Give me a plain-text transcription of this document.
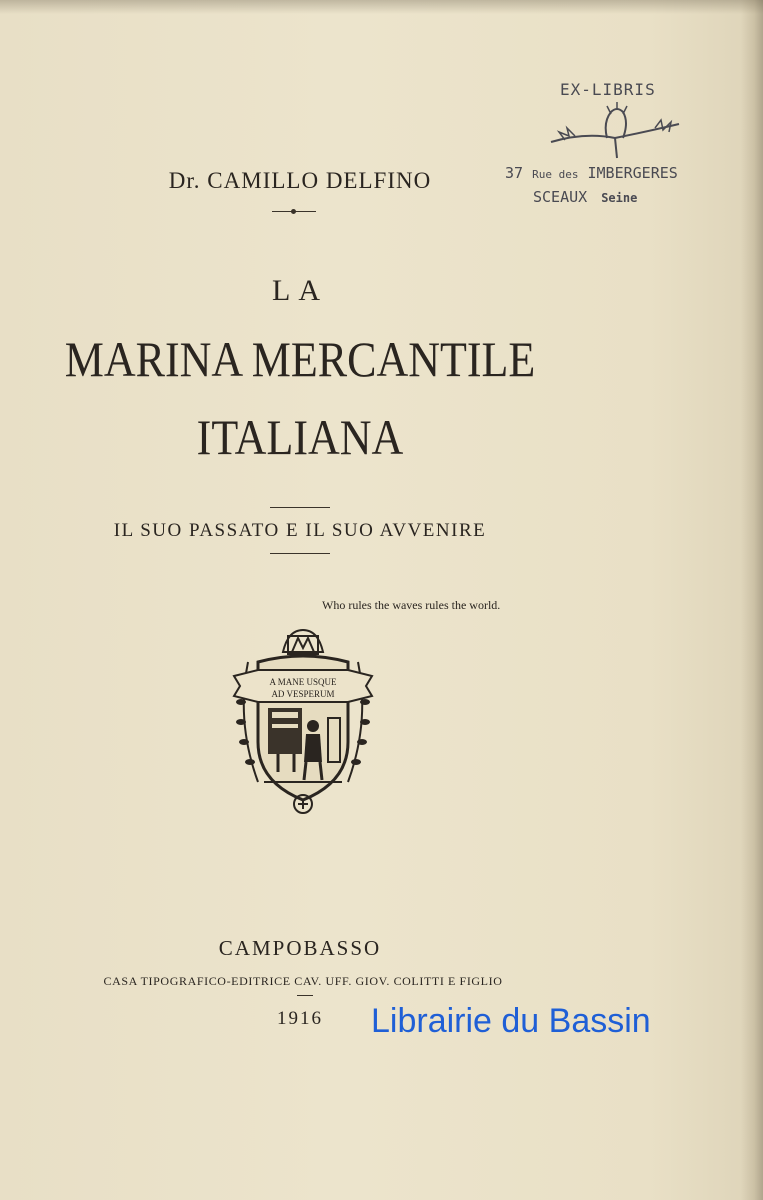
Dr. CAMILLO DELFINO
LA
MARINA MERCANTILE
ITALIANA
IL SUO PASSATO E IL SUO AVVENIRE
Who rules the waves rules the world.
A MANE USQUE
AD VESPERUM
CAMPOBASSO
CASA TIPOGRAFICO-EDITRICE CAV. UFF. GIOV. COLITTI E FIGLIO
1916
EX-LIBRIS
37 Rue des IMBERGERES
SCEAUX Seine
Librairie du Bassin
